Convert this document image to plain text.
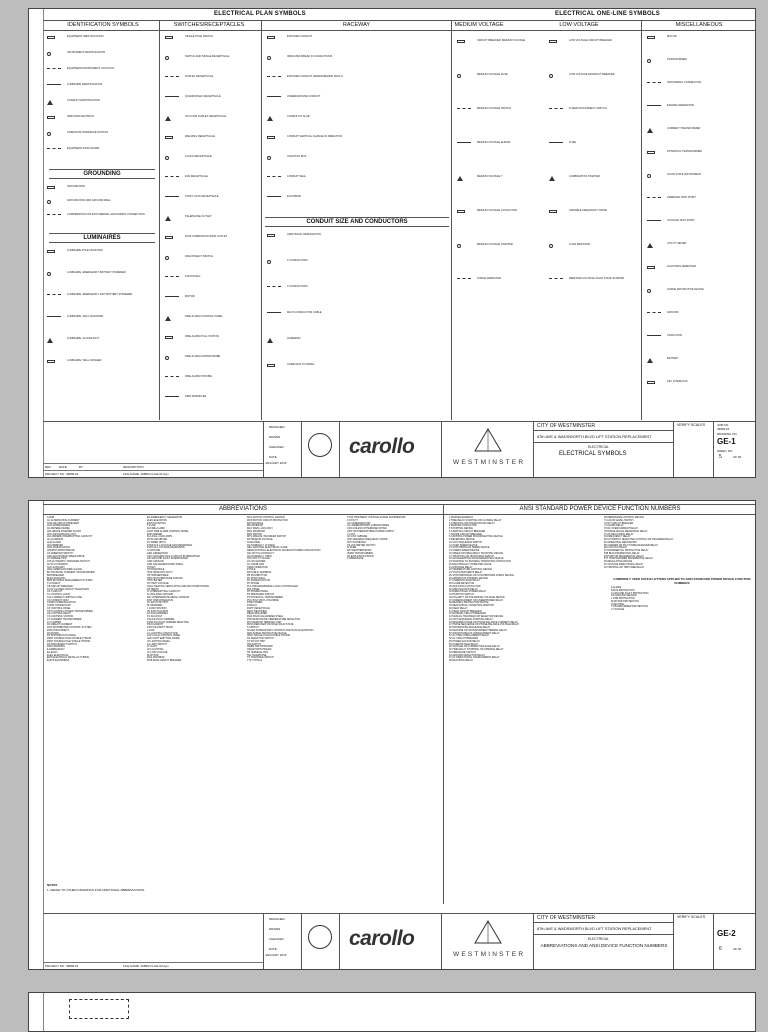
ELECTRICAL PLAN SYMBOLS	ELECTRICAL ONE-LINE SYMBOLS
IDENTIFICATION SYMBOLS	SWITCHES/RECEPTACLES	RACEWAY	MEDIUM VOLTAGE	LOW VOLTAGE	MISCELLANEOUS
EQUIPMENT IDENTIFICATION
INSTRUMENT IDENTIFICATION
EQUIPMENT/INSTRUMENT LOCATION
LUMINAIRE IDENTIFICATION
CONDUIT IDENTIFICATION
INDICATES REVISION
OPERATOR INTERFACE STATION
EQUIPMENT ENCLOSURE
GROUNDING
GROUND ROD
GROUND ROD AND GROUND WELL
COMPRESSION OR EXOTHERMAL GROUNDING CONNECTION
LUMINAIRES
LUMINAIRE POLE MOUNTED
LUMINAIRE, EMERGENCY BATTERY POWERED
LUMINAIRE, EMERGENCY EXIT BATTERY POWERED
LUMINAIRE, WALL MOUNTED
LUMINAIRE, FLOODLIGHT
LUMINAIRE, WALL WASHER
SINGLE POLE SWITCH
SWITCH AND SINGLE RECEPTACLE
DUPLEX RECEPTACLE
QUADRUPLEX RECEPTACLE
IN FLOOR DUPLEX RECEPTACLE
WELDING RECEPTACLE
CLOCK RECEPTACLE
FAN RECEPTACLE
TWIST LOCK RECEPTACLE
TELEPHONE OUTLET
DATA COMMUNICATIONS OUTLET
DISCONNECT SWITCH
PHOTOCELL
MOTOR
FIRE ALARM CONTROL PANEL
FIRE ALARM PULL STATION
FIRE ALARM HORN/STROBE
FIRE ALARM STROBE
FIRE SPRINKLER
EXPOSED CONDUIT
INDICATES BREAK IN CONDUIT RUN
EXPOSED CONDUIT HIDDEN BEHIND WALLS
UNDERGROUND CONDUIT
CONDUIT IN SLAB
CONDUIT VERTICAL CHANGE IN DIRECTION
JUNCTION BOX
CONDUIT SEAL
DUCTBANK
CONDUIT SIZE AND CONDUCTORS
ADDITIONAL DESIGNATION
2 CONDUCTORS
3 CONDUCTORS
MULTI-CONDUCTOR CABLE
HOMERUN
HOME RUN TO PANEL
CIRCUIT BREAKER, MEDIUM VOLTAGE
MEDIUM VOLTAGE FUSE
MEDIUM VOLTAGE SWITCH
MEDIUM VOLTAGE ELBOW
MEDIUM VOLTAGE T
MEDIUM VOLTAGE CONTACTOR
MEDIUM VOLTAGE STARTER
SURGE ARRESTER
LOW VOLTAGE CIRCUIT BREAKER
LOW VOLTAGE DRAWOUT BREAKER
FUSED DISCONNECT SWITCH
FUSE
COMBINATION STARTER
VARIABLE FREQUENCY DRIVE
LOAD RESISTOR
REDUCED VOLTAGE SOLID STATE STARTER
MOTOR
TRANSFORMER
GROUNDING CONNECTION
ENGINE GENERATOR
CURRENT TRANSFORMER
POTENTIAL TRANSFORMER
SOLID STATE INSTRUMENT
AMMETER TEST POINT
VOLTAGE TEST POINT
UTILITY METER
LIGHTNING ARRESTER
SURGE PROTECTIVE DEVICE
GROUND
CAPACITOR
BATTERY
KEY INTERLOCK
REV	DATE	BY	DESCRIPTION
PROJECT NO. 49899.01	FILE NAME: 49899.01-GE-01.dgn
DESIGNED
DRAWN
CHECKED
DATE
JANUARY 2015
carollo
WESTMINSTER
CITY OF WESTMINSTER
87th AVE & WADSWORTH BLVD LIFT STATION REPLACEMENT
ELECTRICAL
ELECTRICAL SYMBOLS
VERIFY SCALES	JOB NO.
49899.01
DRAWING NO.
GE-1
SHEET NO.
5	OF 50
ABBREVIATIONS	ANSI STANDARD POWER DEVICE FUNCTION NUMBERS
A AMP
AC ALTERNATING CURRENT
ACB AIR CIRCUIT BREAKER
ACS ADDRESSABLE
AF AMPERE FRAME
AFF ABOVE FINISHED FLOOR
AHU AIR HANDLING UNIT
AIC AMPERE INTERRUPTING CAPACITY
AL ALUMINUM
ALM ALARM
AM AMMETER
ANN ANNUNCIATOR
APPROX APPROXIMATE
AS AMMETER SWITCH
ASD ADJUSTABLE SPEED DRIVE
AT AMPERE TRIP
ATS AUTOMATIC TRANSFER SWITCH
AUTO AUTOMATIC
AUX AUXILIARY
AWG AMERICAN WIRE GAUGE
BCT BUSHING CURRENT TRANSFORMER
BKR BREAKER
BLDG BUILDING
BMS BUILDING MANAGEMENT SYSTEM
C CONDUIT
CB CIRCUIT BREAKER
CCTV CLOSED CIRCUIT TELEVISION
CKT CIRCUIT
CL CONTROL LOGIC
CLF CURRENT LIMITING FUSE
CO CONDUIT ONLY
COMM COMMUNICATION
CONN CONNECTION
CP CONTROL PANEL
CPT CONTROL POWER TRANSFORMER
CR CONTROL RELAY
CS CONTROL STATION
CT CURRENT TRANSFORMER
CU COPPER
DC DIRECT CURRENT
DCS DISTRIBUTED CONTROL SYSTEM
DISC DISCONNECT
DN DOWN
DP DISTRIBUTION PANEL
DPDT DOUBLE POLE DOUBLE THROW
DPST DOUBLE POLE SINGLE THROW
DS DISCONNECT SWITCH
DWG DRAWING
E EMERGENCY
EA EACH
ELEC ELECTRICAL
EMT ELECTRICAL METALLIC TUBING
EQUIP EQUIPMENT
EG EMERGENCY GENERATOR
ELEV ELEVATION
EXIST EXISTING
F FUSE
FA FIRE ALARM
FACP FIRE ALARM CONTROL PANEL
FDR FEEDER
FLA FULL LOAD AMPS
FM FLOW METER
FO FIBER OPTIC
FVNR FULL VOLTAGE NON REVERSING
FVR FULL VOLTAGE REVERSING
G GROUND
GEN GENERATOR
GFCI GROUND FAULT CIRCUIT INTERRUPTER
GFI GROUND FAULT INTERRUPTER
GND GROUND
GRS GALVANIZED RIGID STEEL
H HIGH
HH HANDHOLE
HOA HAND-OFF-AUTO
HP HORSEPOWER
HPS HIGH PRESSURE SODIUM
HTR HEATER
HV HIGH VOLTAGE
HVAC HEATING VENTILATING AND AIR CONDITIONING
HZ HERTZ
IC INTERRUPTING CAPACITY
IG ISOLATED GROUND
IMC INTERMEDIATE METAL CONDUIT
INST INSTANTANEOUS
I/O INPUT/OUTPUT
IR INFRARED
J JUNCTION BOX
JB JUNCTION BOX
KA KILOAMPERES
KV KILOVOLT
KVA KILOVOLT AMPERE
KVAR KILOVOLT AMPERE REACTIVE
KW KILOWATT
KWH KILOWATT HOUR
L LOW
LC LIGHTING CONTACTOR
LCP LOCAL CONTROL PANEL
LED LIGHT EMITTING DIODE
LP LIGHTING PANEL
LS LIMIT SWITCH
LT LIGHT
LTG LIGHTING
LV LOW VOLTAGE
M MOTOR
MAX MAXIMUM
MCB MAIN CIRCUIT BREAKER
MCC MOTOR CONTROL CENTER
MCP MOTOR CIRCUIT PROTECTOR
MH MANHOLE
MIN MINIMUM
MLO MAIN LUGS ONLY
MTD MOUNTED
MTR MOTOR
MTS MANUAL TRANSFER SWITCH
MV MEDIUM VOLTAGE
N NEUTRAL
NC NORMALLY CLOSED
NEC NATIONAL ELECTRICAL CODE
NEMA NATIONAL ELECTRICAL MANUFACTURERS ASSOCIATION
NIC NOT IN CONTRACT
NO NORMALLY OPEN
NTS NOT TO SCALE
OC ON CENTER
OL OVERLOAD
OPER OPERATOR
P POLE
PA PUBLIC ADDRESS
PB PUSHBUTTON
PC PHOTOCELL
PF POWER FACTOR
PH PHASE
PLC PROGRAMMABLE LOGIC CONTROLLER
PNL PANEL
PP POWER PANEL
PS PRESSURE SWITCH
PT POTENTIAL TRANSFORMER
PVC POLYVINYL CHLORIDE
PWR POWER
R RELAY
RCPT RECEPTACLE
RECT RECTIFIER
REQD REQUIRED
RGS RIGID GALVANIZED STEEL
RTD RESISTANCE TEMPERATURE DETECTOR
RTU REMOTE TERMINAL UNIT
RVSS REDUCED VOLTAGE SOLID STATE
S SWITCH
SCADA SUPERVISORY CONTROL AND DATA ACQUISITION
SPD SURGE PROTECTIVE DEVICE
SPDT SINGLE POLE DOUBLE THROW
SS SELECTOR SWITCH
ST SHUNT TRIP
SW SWITCH
SWBD SWITCHBOARD
SWGR SWITCHGEAR
TB TERMINAL BOX
TEL TELEPHONE
TS TRANSFER SWITCH
TYP TYPICAL
TVSS TRANSIENT VOLTAGE SURGE SUPPRESSOR
U UTILITY
UG UNDERGROUND
UL UNDERWRITERS LABORATORIES
UON UNLESS OTHERWISE NOTED
UPS UNINTERRUPTIBLE POWER SUPPLY
V VOLT
VA VOLT AMPERE
VFD VARIABLE FREQUENCY DRIVE
VM VOLTMETER
VS VOLTMETER SWITCH
W WIRE
WP WEATHERPROOF
XFMR TRANSFORMER
XP EXPLOSION PROOF
Z IMPEDANCE
1 MASTER ELEMENT
2 TIME DELAY STARTING OR CLOSING RELAY
3 CHECKING OR INTERLOCKING RELAY
4 MASTER CONTACTOR
5 STOPPING DEVICE
6 STARTING CIRCUIT BREAKER
7 ANODE CIRCUIT BREAKER
8 CONTROL POWER DISCONNECTING DEVICE
9 REVERSING DEVICE
10 UNIT SEQUENCE SWITCH
12 OVER SPEED DEVICE
13 SYNCHRONOUS SPEED DEVICE
14 UNDER SPEED DEVICE
15 SPEED OR FREQUENCY MATCHING DEVICE
17 SHUNTING OR DISCHARGE SWITCH
18 ACCELERATING OR DECELERATING DEVICE
19 STARTING TO RUNNING TRANSITION CONTACTOR
20 ELECTRICALLY OPERATED VALVE
21 DISTANCE RELAY
23 TEMPERATURE CONTROL DEVICE
24 VOLTS PER HERTZ RELAY
25 SYNCHRONIZING OR SYNCHRONISM CHECK DEVICE
26 APPARATUS THERMAL DEVICE
27 UNDERVOLTAGE RELAY
28 FLAME DETECTOR
29 ISOLATING CONTACTOR
30 ANNUNCIATOR RELAY
32 DIRECTIONAL POWER RELAY
33 POSITION SWITCH
36 POLARITY OR POLARIZING VOLTAGE DEVICE
37 UNDERCURRENT OR UNDERPOWER RELAY
38 BEARING PROTECTIVE DEVICE
39 MECHANICAL CONDITION MONITOR
40 FIELD RELAY
41 FIELD CIRCUIT BREAKER
42 RUNNING CIRCUIT BREAKER
43 MANUAL TRANSFER OR SELECTOR DEVICE
44 UNIT SEQUENCE STARTING RELAY
46 REVERSE PHASE OR PHASE BALANCE CURRENT RELAY
47 PHASE SEQUENCE OR PHASE BALANCE VOLTAGE RELAY
48 INCOMPLETE SEQUENCE RELAY
49 MACHINE OR TRANSFORMER THERMAL RELAY
50 INSTANTANEOUS OVERCURRENT RELAY
51 AC TIME OVERCURRENT RELAY
52 AC CIRCUIT BREAKER
55 POWER FACTOR RELAY
59 OVERVOLTAGE RELAY
60 VOLTAGE OR CURRENT BALANCE RELAY
62 TIME DELAY STOPPING OR OPENING RELAY
63 PRESSURE SWITCH
64 GROUND DETECTOR RELAY
67 AC DIRECTIONAL OVERCURRENT RELAY
68 BLOCKING RELAY
69 PERMISSIVE CONTROL DEVICE
71 LIQUID LEVEL SWITCH
72 DC CIRCUIT BREAKER
74 ALARM RELAY
76 DC OVERCURRENT RELAY
78 PHASE ANGLE MEASURING RELAY
79 AC RECLOSING RELAY
81 FREQUENCY RELAY
83 AUTOMATIC SELECTIVE CONTROL OR TRANSFER RELAY
84 OPERATING MECHANISM
85 CARRIER OR PILOT WIRE RECEIVER RELAY
86 LOCKOUT RELAY
87 DIFFERENTIAL PROTECTIVE RELAY
87B BUS DIFFERENTIAL RELAY
87M MOTOR DIFFERENTIAL RELAY
87T TRANSFORMER DIFFERENTIAL RELAY
90 REGULATING DEVICE
91 VOLTAGE DIRECTIONAL RELAY
94 TRIPPING OR TRIP FREE RELAY
COMMONLY USED SUFFIX LETTERS APPLIED TO ANSI STANDARD POWER DEVICE FUNCTION NUMBERS
A ALARM
B BUS PROTECTION
G GROUND FAULT PROTECTION
GS GROUND SENSOR
L LINE PROTECTION
M MOTOR PROTECTION
N NEUTRAL
T TRANSFORMER PROTECTION
V VOLTAGE
NOTES
1. REFER TO OTHER DRAWINGS FOR ADDITIONAL ABBREVIATIONS.
PROJECT NO. 49899.01	FILE NAME: 49899.01-GE-02.dgn
DESIGNED
DRAWN
CHECKED
DATE
JANUARY 2015
carollo
WESTMINSTER
CITY OF WESTMINSTER
87th AVE & WADSWORTH BLVD LIFT STATION REPLACEMENT
ELECTRICAL
ABBREVIATIONS AND ANSI DEVICE FUNCTION NUMBERS
VERIFY SCALES
GE-2
6	OF 50
